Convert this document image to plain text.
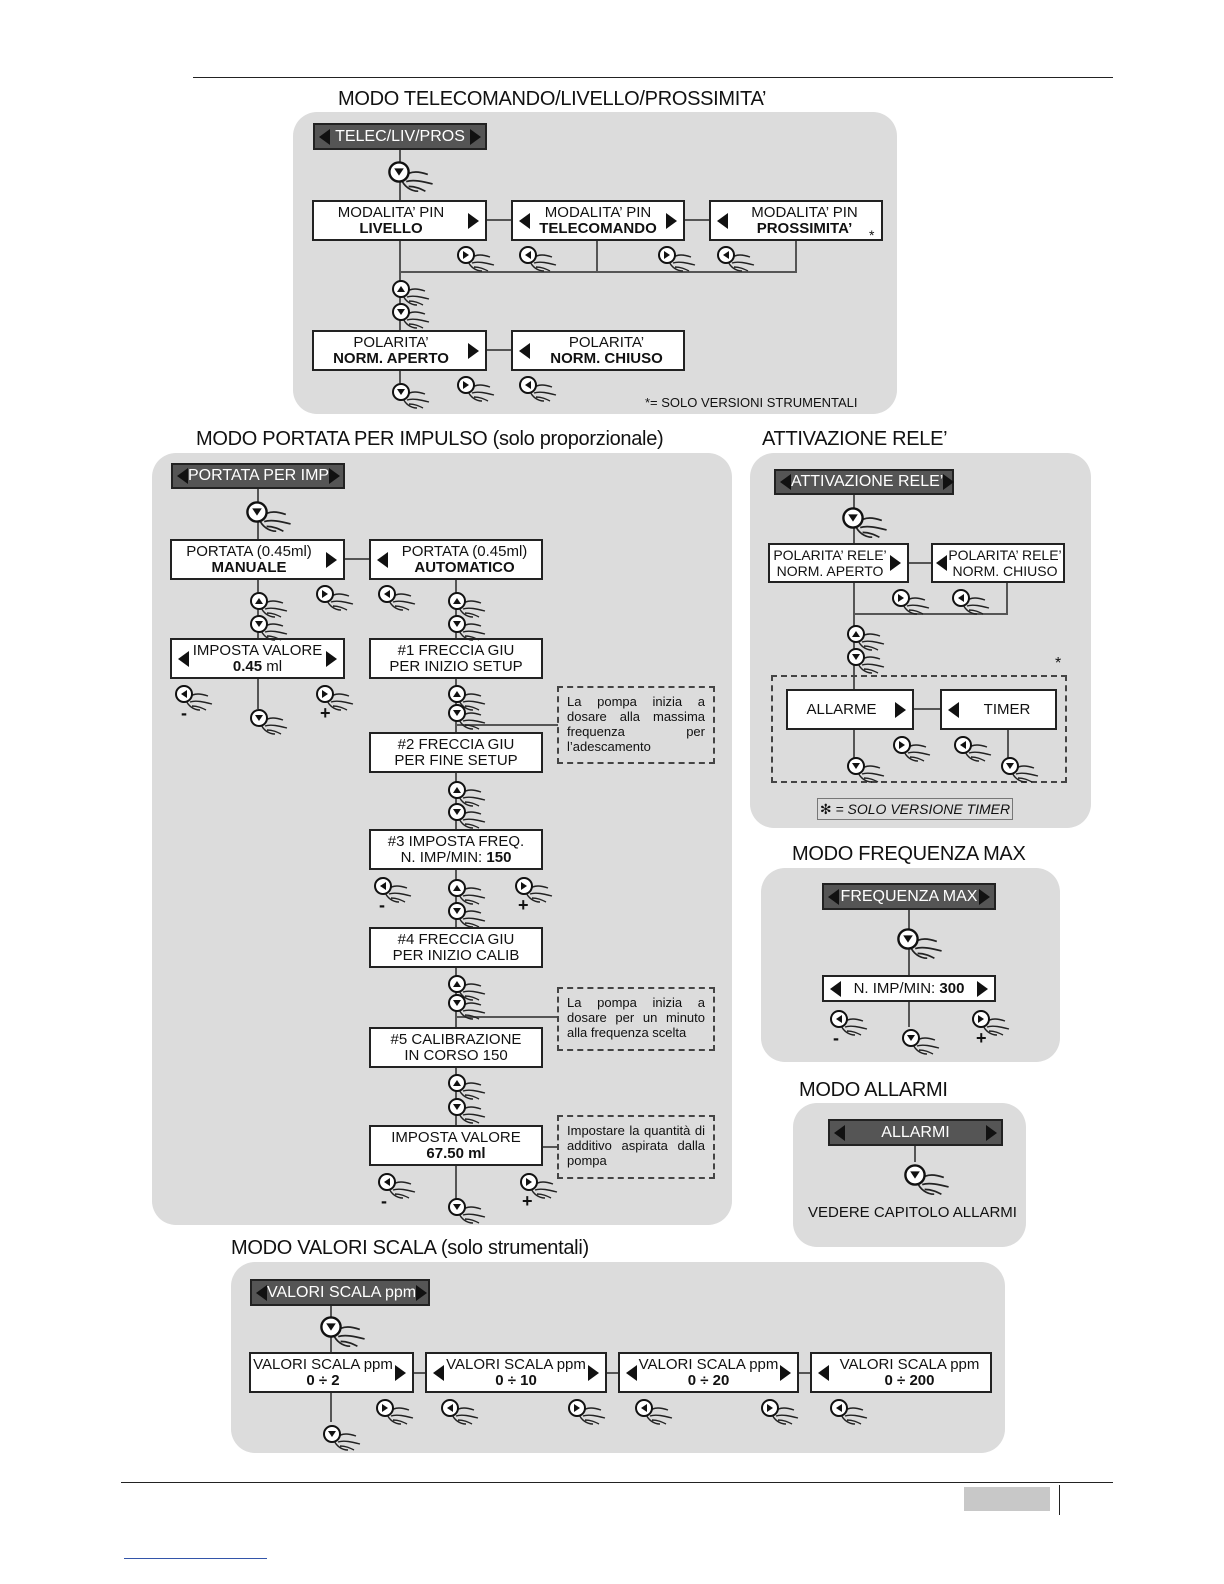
MODO TELECOMANDO/LIVELLO/PROSSIMITA’
TELEC/LIV/PROS
MODALITA’ PIN
LIVELLO
MODALITA’ PIN
TELECOMANDO
MODALITA’ PIN
PROSSIMITA’	*
POLARITA’
NORM. APERTO
POLARITA’
NORM. CHIUSO
*= SOLO VERSIONI STRUMENTALI
MODO PORTATA PER IMPULSO (solo proporzionale)
PORTATA PER IMP
PORTATA (0.45ml)
MANUALE
PORTATA (0.45ml)
AUTOMATICO
IMPOSTA VALORE
0.45 ml
#1 FRECCIA GIU
PER INIZIO SETUP
#2 FRECCIA GIU
PER FINE SETUP
#3 IMPOSTA FREQ.
N. IMP/MIN: 150
#4 FRECCIA GIU
PER INIZIO CALIB
#5 CALIBRAZIONE
IN CORSO 150
IMPOSTA VALORE
67.50 ml
La pompa inizia a dosare alla massima frequenza per l’adescamento
La pompa inizia a dosare per un minuto alla frequenza scelta
Impostare la quantità di additivo aspirata dalla pompa
-	+
-	+
-	+
ATTIVAZIONE RELE’
ATTIVAZIONE RELE’
POLARITA’ RELE’
NORM. APERTO
POLARITA’ RELE’
NORM. CHIUSO
*
ALLARME	TIMER
✻ = SOLO VERSIONE TIMER
MODO FREQUENZA MAX
FREQUENZA MAX
N. IMP/MIN: 300
-	+
MODO ALLARMI
ALLARMI
VEDERE CAPITOLO ALLARMI
MODO VALORI SCALA (solo strumentali)
VALORI SCALA ppm
VALORI SCALA ppm
0 ÷ 2
VALORI SCALA ppm
0 ÷ 10
VALORI SCALA ppm
0 ÷ 20
VALORI SCALA ppm
0 ÷ 200
